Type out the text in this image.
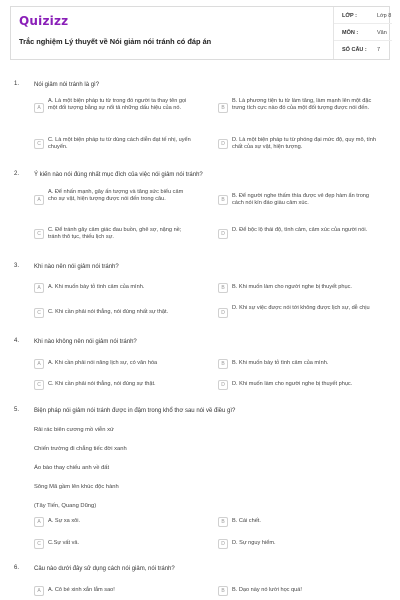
Quizizz
Trắc nghiệm Lý thuyết về Nói giảm nói tránh có đáp án
LỚP :	Lớp 8
MÔN :	Văn
SỐ CÂU : 7
1. Nói giảm nói tránh là gì?
A
A. Là một biện pháp tu từ trong đó người ta thay tên gọi một đối tượng bằng sự nổi tả những dấu hiệu của nó.	B
B. Là phương tiện tu từ làm tăng, làm mạnh lên một đặc trưng tích cực nào đó của một đối tượng được nói đến.
C
C. Là một biện pháp tu từ dùng cách diễn đạt tế nhị, uyển chuyển.
D
D. Là một biện pháp tu từ phóng đại mức độ, quy mô, tính chất của sự vật, hiện tượng.
2. Ý kiến nào nói đúng nhất mục đích của việc nói giảm nói tránh?
A
A. Để nhấn mạnh, gây ấn tượng và tăng sức biểu cảm cho sự vật, hiện tượng được nói đến trong câu.	B
B. Để người nghe thấm thía được vẻ đẹp hàm ẩn trong cách nói kín đáo giàu cảm xúc.
C
C. Để tránh gây cảm giác đau buồn, ghê sợ, nặng nề; tránh thô tục, thiếu lịch sự.
D
D. Để bộc lộ thái độ, tình cảm, cảm xúc của người nói.
3. Khi nào nên nói giảm nói tránh?
A	A. Khi muốn bày tỏ tình cảm của mình.	B	B. Khi muốn làm cho người nghe bị thuyết phục.
C	C. Khi cần phải nói thẳng, nói đúng nhất sự thật.	D
D. Khi sự việc được nói tới không được lịch sự, dễ chịu
4. Khi nào không nên nói giảm nói tránh?
A	A. Khi cần phải nói năng lịch sự, có văn hóa	B	B. Khi muốn bày tỏ tình cảm của mình.
C	C. Khi cần phải nói thẳng, nói đúng sự thật.	D	D. Khi muốn làm cho người nghe bị thuyết phục.
5. Biện pháp nói giảm nói tránh được in đậm trong khổ thơ sau nói về điều gì?
Rải rác biên cương mồ viễn xứ
Chiến trường đi chẳng tiếc đời xanh
Áo bào thay chiếu anh về đất
Sông Mã gầm lên khúc độc hành
(Tây Tiến, Quang Dũng)
A	A. Sự xa xôi.	B	B. Cái chết.
C	C.Sự vất vả.	D	D. Sự nguy hiểm.
6. Câu nào dưới đây sử dụng cách nói giảm, nói tránh?
A	A. Cô bé xinh xắn lắm sao!	B	B. Dạo này nó lười học quá!
